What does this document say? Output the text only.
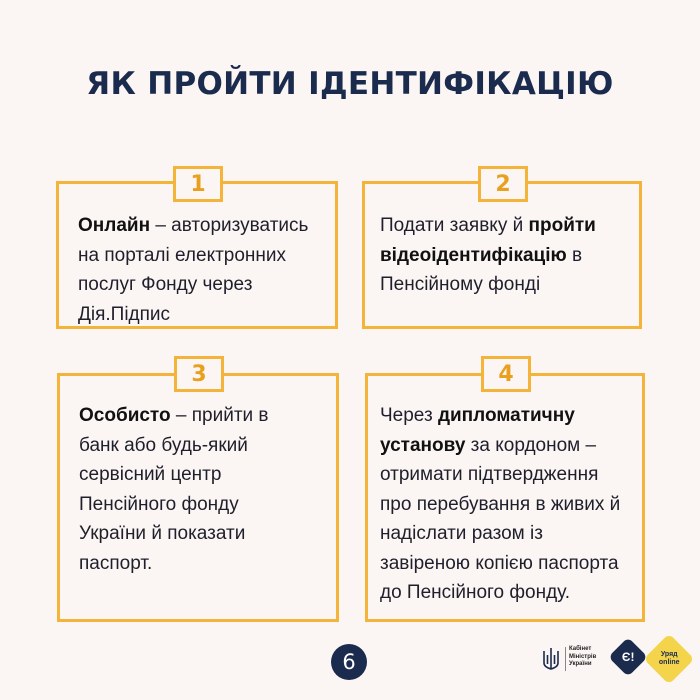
ЯК ПРОЙТИ ІДЕНТИФІКАЦІЮ
1
Онлайн – авторизуватись на порталі електронних послуг Фонду через Дія.Підпис
2
Подати заявку й пройти відеоідентифікацію в Пенсійному фонді
3
Особисто – прийти в банк або будь-який сервісний центр Пенсійного фонду України й показати паспорт.
4
Через дипломатичну установу за кордоном – отримати підтвердження про перебування в живих й надіслати разом із завіреною копією паспорта до Пенсійного фонду.
6
Кабінет
Міністрів
України
Є!	Уряд
online
